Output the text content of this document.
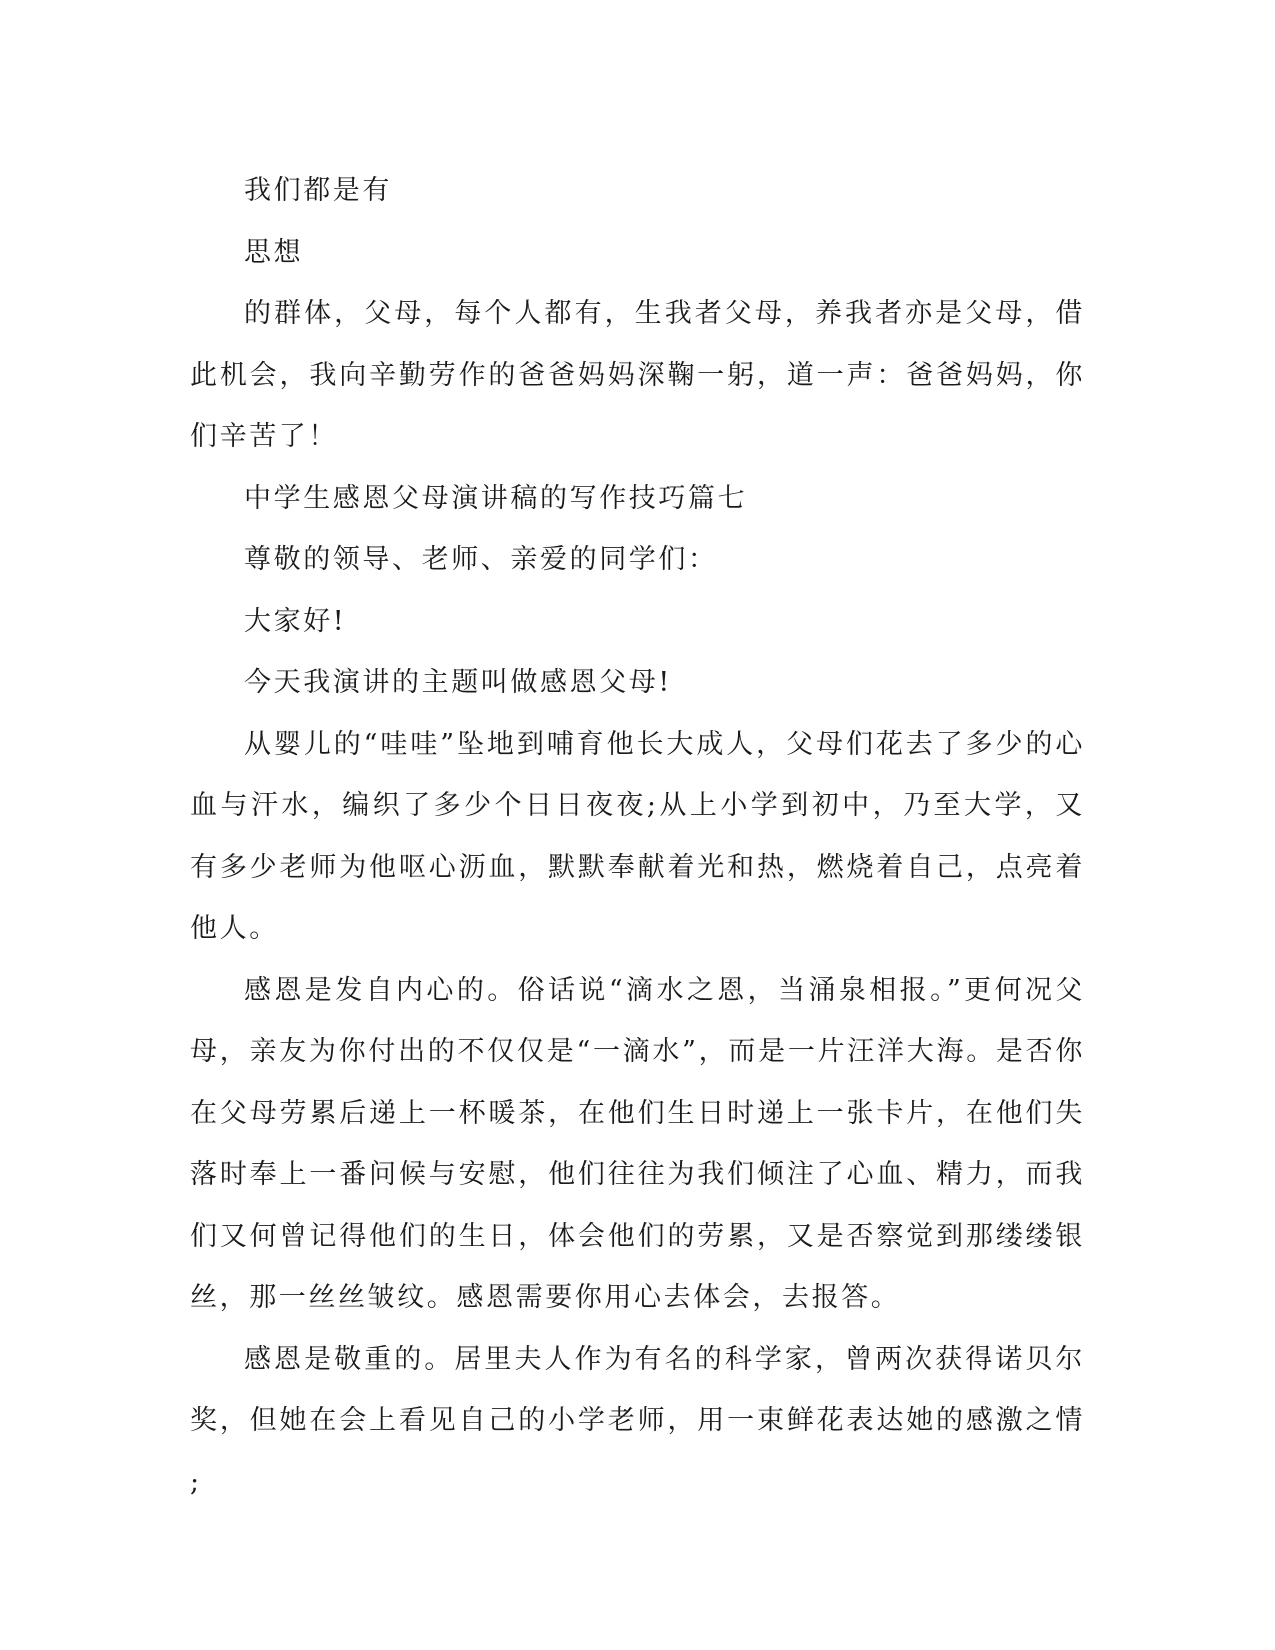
我们都是有

思想

的群体，父母，每个人都有，生我者父母，养我者亦是父母，借此机会，我向辛勤劳作的爸爸妈妈深鞠一躬，道一声：爸爸妈妈，你们辛苦了！

中学生感恩父母演讲稿的写作技巧篇七

尊敬的领导、老师、亲爱的同学们：

大家好!

今天我演讲的主题叫做感恩父母!

从婴儿的“哇哇”坠地到哺育他长大成人，父母们花去了多少的心血与汗水，编织了多少个日日夜夜;从上小学到初中，乃至大学，又有多少老师为他呕心沥血，默默奉献着光和热，燃烧着自己，点亮着他人。

感恩是发自内心的。俗话说“滴水之恩，当涌泉相报。”更何况父母，亲友为你付出的不仅仅是“一滴水”，而是一片汪洋大海。是否你在父母劳累后递上一杯暖茶，在他们生日时递上一张卡片，在他们失落时奉上一番问候与安慰，他们往往为我们倾注了心血、精力，而我们又何曾记得他们的生日，体会他们的劳累，又是否察觉到那缕缕银丝，那一丝丝皱纹。感恩需要你用心去体会，去报答。

感恩是敬重的。居里夫人作为有名的科学家，曾两次获得诺贝尔奖，但她在会上看见自己的小学老师，用一束鲜花表达她的感激之情;
